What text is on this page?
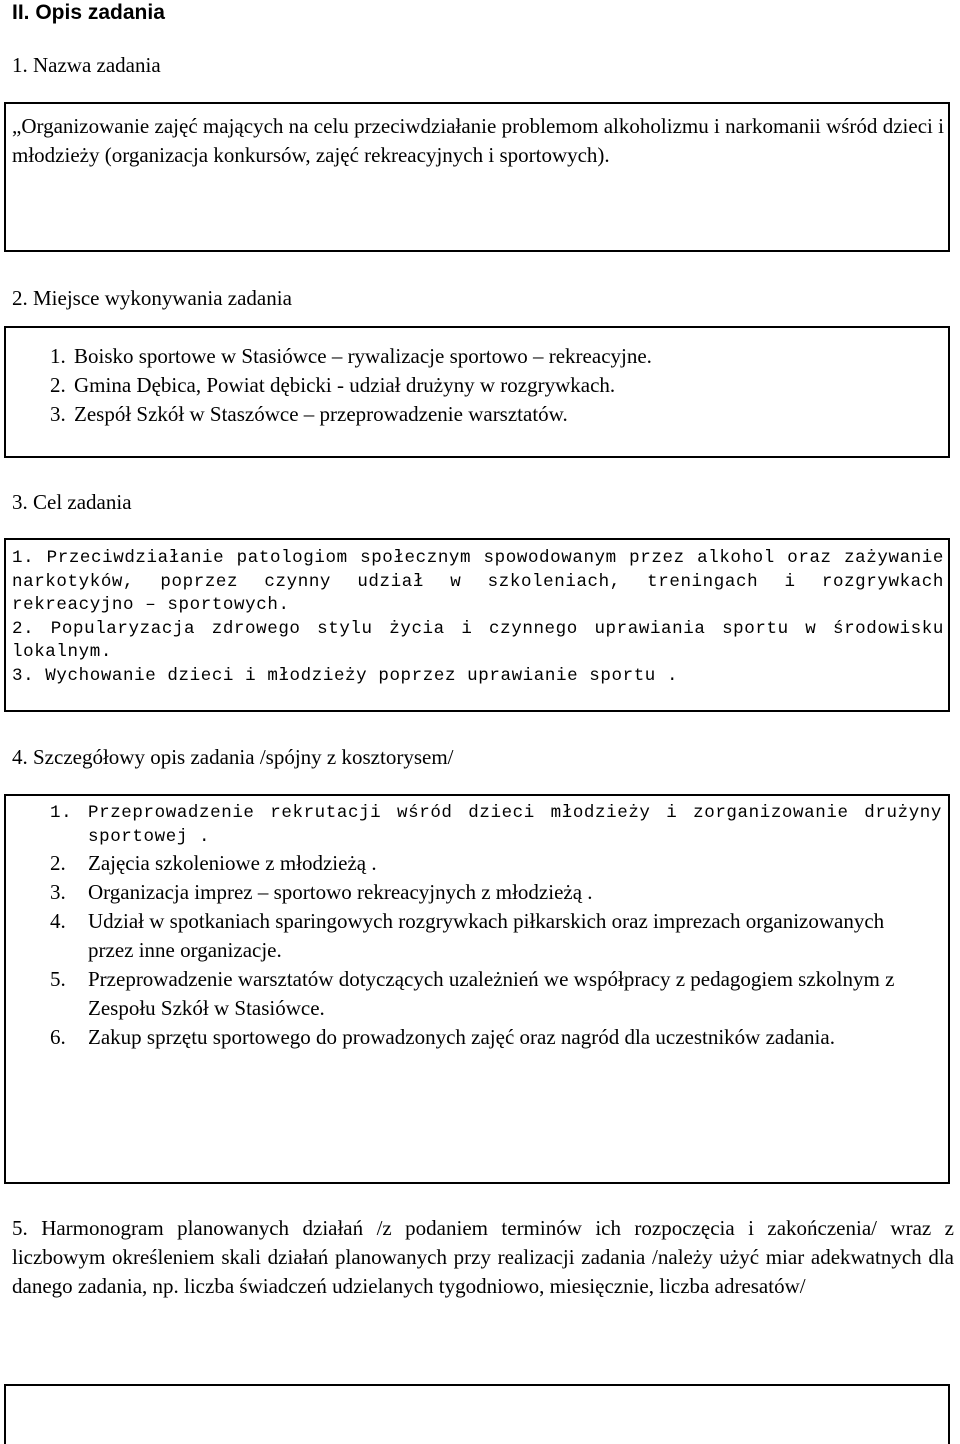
II. Opis zadania
1. Nazwa zadania
„Organizowanie zajęć mających na celu przeciwdziałanie problemom alkoholizmu i narkomanii wśród dzieci i młodzieży (organizacja konkursów, zajęć rekreacyjnych i sportowych).
2. Miejsce wykonywania zadania
1. Boisko sportowe w Stasiówce – rywalizacje sportowo – rekreacyjne.
2. Gmina Dębica, Powiat dębicki - udział drużyny w rozgrywkach.
3. Zespół Szkół w Staszówce – przeprowadzenie warsztatów.
3. Cel zadania
1. Przeciwdziałanie patologiom społecznym spowodowanym przez alkohol oraz zażywanie narkotyków, poprzez czynny udział w szkoleniach, treningach i rozgrywkach rekreacyjno – sportowych.
2. Popularyzacja zdrowego stylu życia i czynnego uprawiania sportu w środowisku lokalnym.
3. Wychowanie dzieci i młodzieży poprzez uprawianie sportu .
4. Szczegółowy opis zadania /spójny z kosztorysem/
1. Przeprowadzenie rekrutacji wśród dzieci młodzieży i zorganizowanie drużyny sportowej .
2. Zajęcia szkoleniowe z młodzieżą .
3. Organizacja imprez – sportowo rekreacyjnych z młodzieżą .
4. Udział w spotkaniach sparingowych rozgrywkach piłkarskich oraz imprezach organizowanych przez inne organizacje.
5. Przeprowadzenie warsztatów dotyczących uzależnień we współpracy z pedagogiem szkolnym z Zespołu Szkół w Stasiówce.
6. Zakup sprzętu sportowego do prowadzonych zajęć oraz nagród dla uczestników zadania.
5. Harmonogram planowanych działań /z podaniem terminów ich rozpoczęcia i zakończenia/ wraz z liczbowym określeniem skali działań planowanych przy realizacji zadania /należy użyć miar adekwatnych dla danego zadania, np. liczba świadczeń udzielanych tygodniowo, miesięcznie, liczba adresatów/
